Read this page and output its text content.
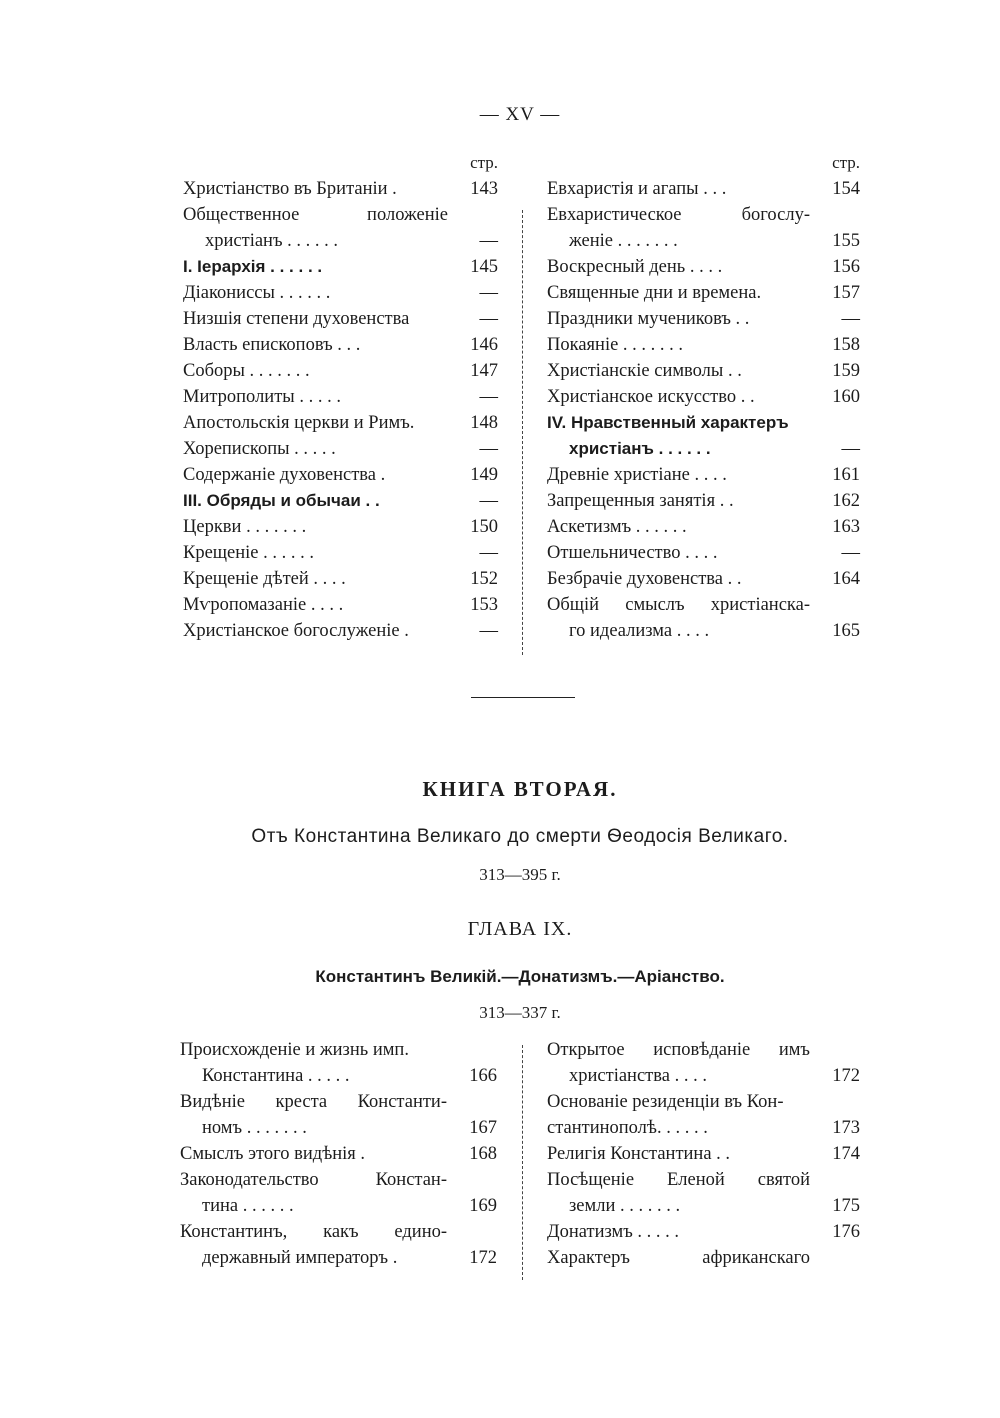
— XV —
стр.
Христіанство въ Британіи .	143
Общественное положеніе
христіанъ . . . . . .	—
I. Іерархія . . . . . .	145
Діакониссы . . . . . .	—
Низшія степени духовенства	—
Власть епископовъ . . .	146
Соборы . . . . . . .	147
Митрополиты . . . . .	—
Апостольскія церкви и Римъ.	148
Хорепископы . . . . .	—
Содержаніе духовенства .	149
III. Обряды и обычаи . .	—
Церкви . . . . . . .	150
Крещеніе . . . . . .	—
Крещеніе дѣтей . . . .	152
Мѵропомазаніе . . . .	153
Христіанское богослуженіе .	—
стр.
Евхаристія и агапы . . .	154
Евхаристическое богослу-
женіе . . . . . . .	155
Воскресный день . . . .	156
Священные дни и времена.	157
Праздники мучениковъ . .	—
Покаяніе . . . . . . .	158
Христіанскіе символы . .	159
Христіанское искусство . .	160
IV. Нравственный характеръ
христіанъ . . . . . .	—
Древніе христіане . . . .	161
Запрещенныя занятія . .	162
Аскетизмъ . . . . . .	163
Отшельничество . . . .	—
Безбрачіе духовенства . .	164
Общій смыслъ христіанска-
го идеализма . . . .	165
КНИГА ВТОРАЯ.
Отъ Константина Великаго до смерти Ѳеодосія Великаго.
313—395 г.
ГЛАВА IX.
Константинъ Великій.—Донатизмъ.—Аріанство.
313—337 г.
Происхожденіе и жизнь имп.
Константина . . . . .	166
Видѣніе креста Константи-
номъ . . . . . . .	167
Смыслъ этого видѣнія .	168
Законодательство Констан-
тина . . . . . .	169
Константинъ, какъ едино-
державный императоръ .	172
Открытое исповѣданіе имъ
христіанства . . . .	172
Основаніе резиденціи въ Кон-
стантинополѣ. . . . . .	173
Религія Константина . .	174
Посѣщеніе Еленой святой
земли . . . . . . .	175
Донатизмъ . . . . .	176
Характеръ африканскаго
